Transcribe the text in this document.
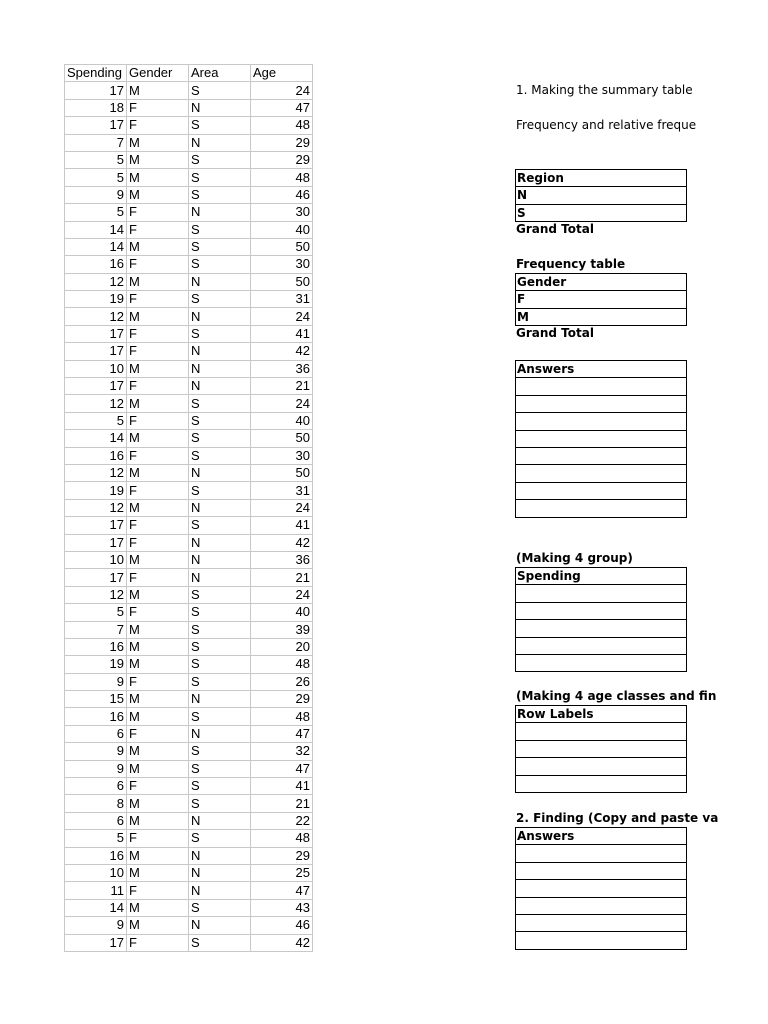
Spending	Gender	Area	Age
17	M	S	24
18	F	N	47
17	F	S	48
7	M	N	29
5	M	S	29
5	M	S	48
9	M	S	46
5	F	N	30
14	F	S	40
14	M	S	50
16	F	S	30
12	M	N	50
19	F	S	31
12	M	N	24
17	F	S	41
17	F	N	42
10	M	N	36
17	F	N	21
12	M	S	24
5	F	S	40
14	M	S	50
16	F	S	30
12	M	N	50
19	F	S	31
12	M	N	24
17	F	S	41
17	F	N	42
10	M	N	36
17	F	N	21
12	M	S	24
5	F	S	40
7	M	S	39
16	M	S	20
19	M	S	48
9	F	S	26
15	M	N	29
16	M	S	48
6	F	N	47
9	M	S	32
9	M	S	47
6	F	S	41
8	M	S	21
6	M	N	22
5	F	S	48
16	M	N	29
10	M	N	25
11	F	N	47
14	M	S	43
9	M	N	46
17	F	S	42
1. Making the summary table
Frequency and relative freque
Region
N
S
Grand Total
Frequency table
Gender
F
M
Grand Total
Answers
(Making 4 group)
Spending
(Making 4 age classes and fin
Row Labels
2. Finding (Copy and paste va
Answers
